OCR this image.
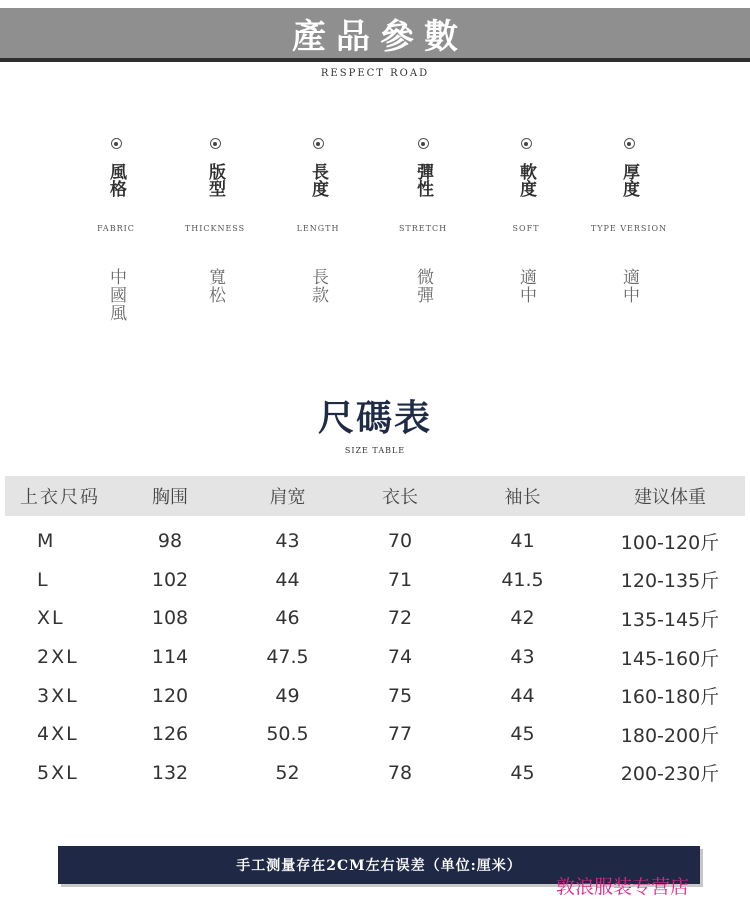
產品參數
RESPECT ROAD
風格
FABRIC
中國風
版型
THICKNESS
寬松
長度
LENGTH
長款
彈性
STRETCH
微彈
軟度
SOFT
適中
厚度
TYPE VERSION
適中
尺碼表
SIZE TABLE
上衣尺码	胸围	肩宽	衣长	袖长	建议体重
M	98	43	70	41	100-120斤
L	102	44	71	41.5	120-135斤
XL	108	46	72	42	135-145斤
2XL	114	47.5	74	43	145-160斤
3XL	120	49	75	44	160-180斤
4XL	126	50.5	77	45	180-200斤
5XL	132	52	78	45	200-230斤
手工测量存在2CM左右误差（单位:厘米）
敦浪服装专营店
